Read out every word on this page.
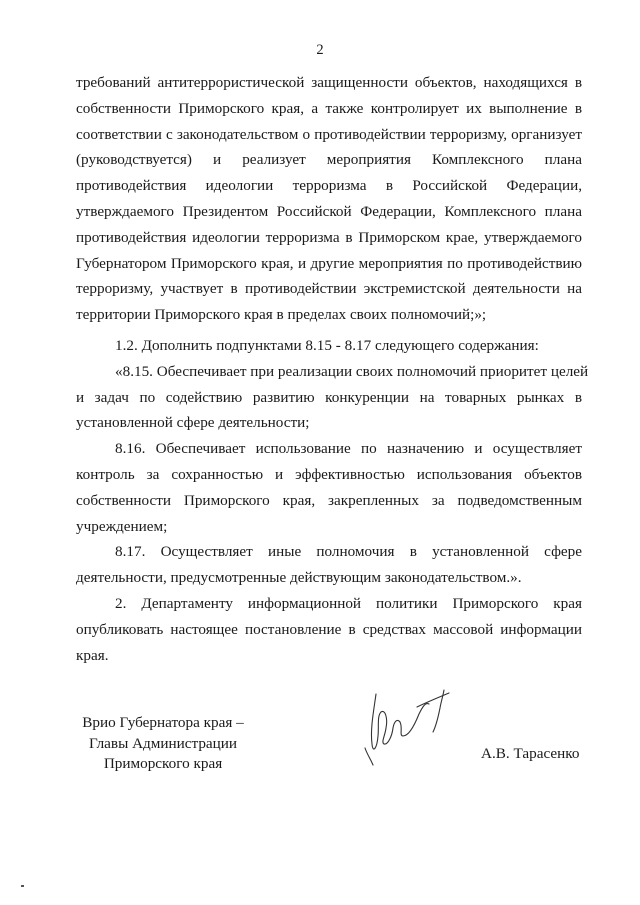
2
требований антитеррористической защищенности объектов, находящихся в
собственности Приморского края, а также контролирует их выполнение в
соответствии с законодательством о противодействии терроризму, организует
(руководствуется) и реализует мероприятия Комплексного плана
противодействия идеологии терроризма в Российской Федерации,
утверждаемого Президентом Российской Федерации, Комплексного плана
противодействия идеологии терроризма в Приморском крае, утверждаемого
Губернатором Приморского края, и другие мероприятия по противодействию
терроризму, участвует в противодействии экстремистской деятельности на
территории Приморского края в пределах своих полномочий;»;
1.2. Дополнить подпунктами 8.15 - 8.17 следующего содержания:
«8.15. Обеспечивает при реализации своих полномочий приоритет целей
и задач по содействию развитию конкуренции на товарных рынках в
установленной сфере деятельности;
8.16. Обеспечивает использование по назначению и осуществляет
контроль за сохранностью и эффективностью использования объектов
собственности Приморского края, закрепленных за подведомственным
учреждением;
8.17. Осуществляет иные полномочия в установленной сфере
деятельности, предусмотренные действующим законодательством.».
2. Департаменту информационной политики Приморского края
опубликовать настоящее постановление в средствах массовой информации
края.
Врио Губернатора края –
Главы Администрации
Приморского края
А.В. Тарасенко
